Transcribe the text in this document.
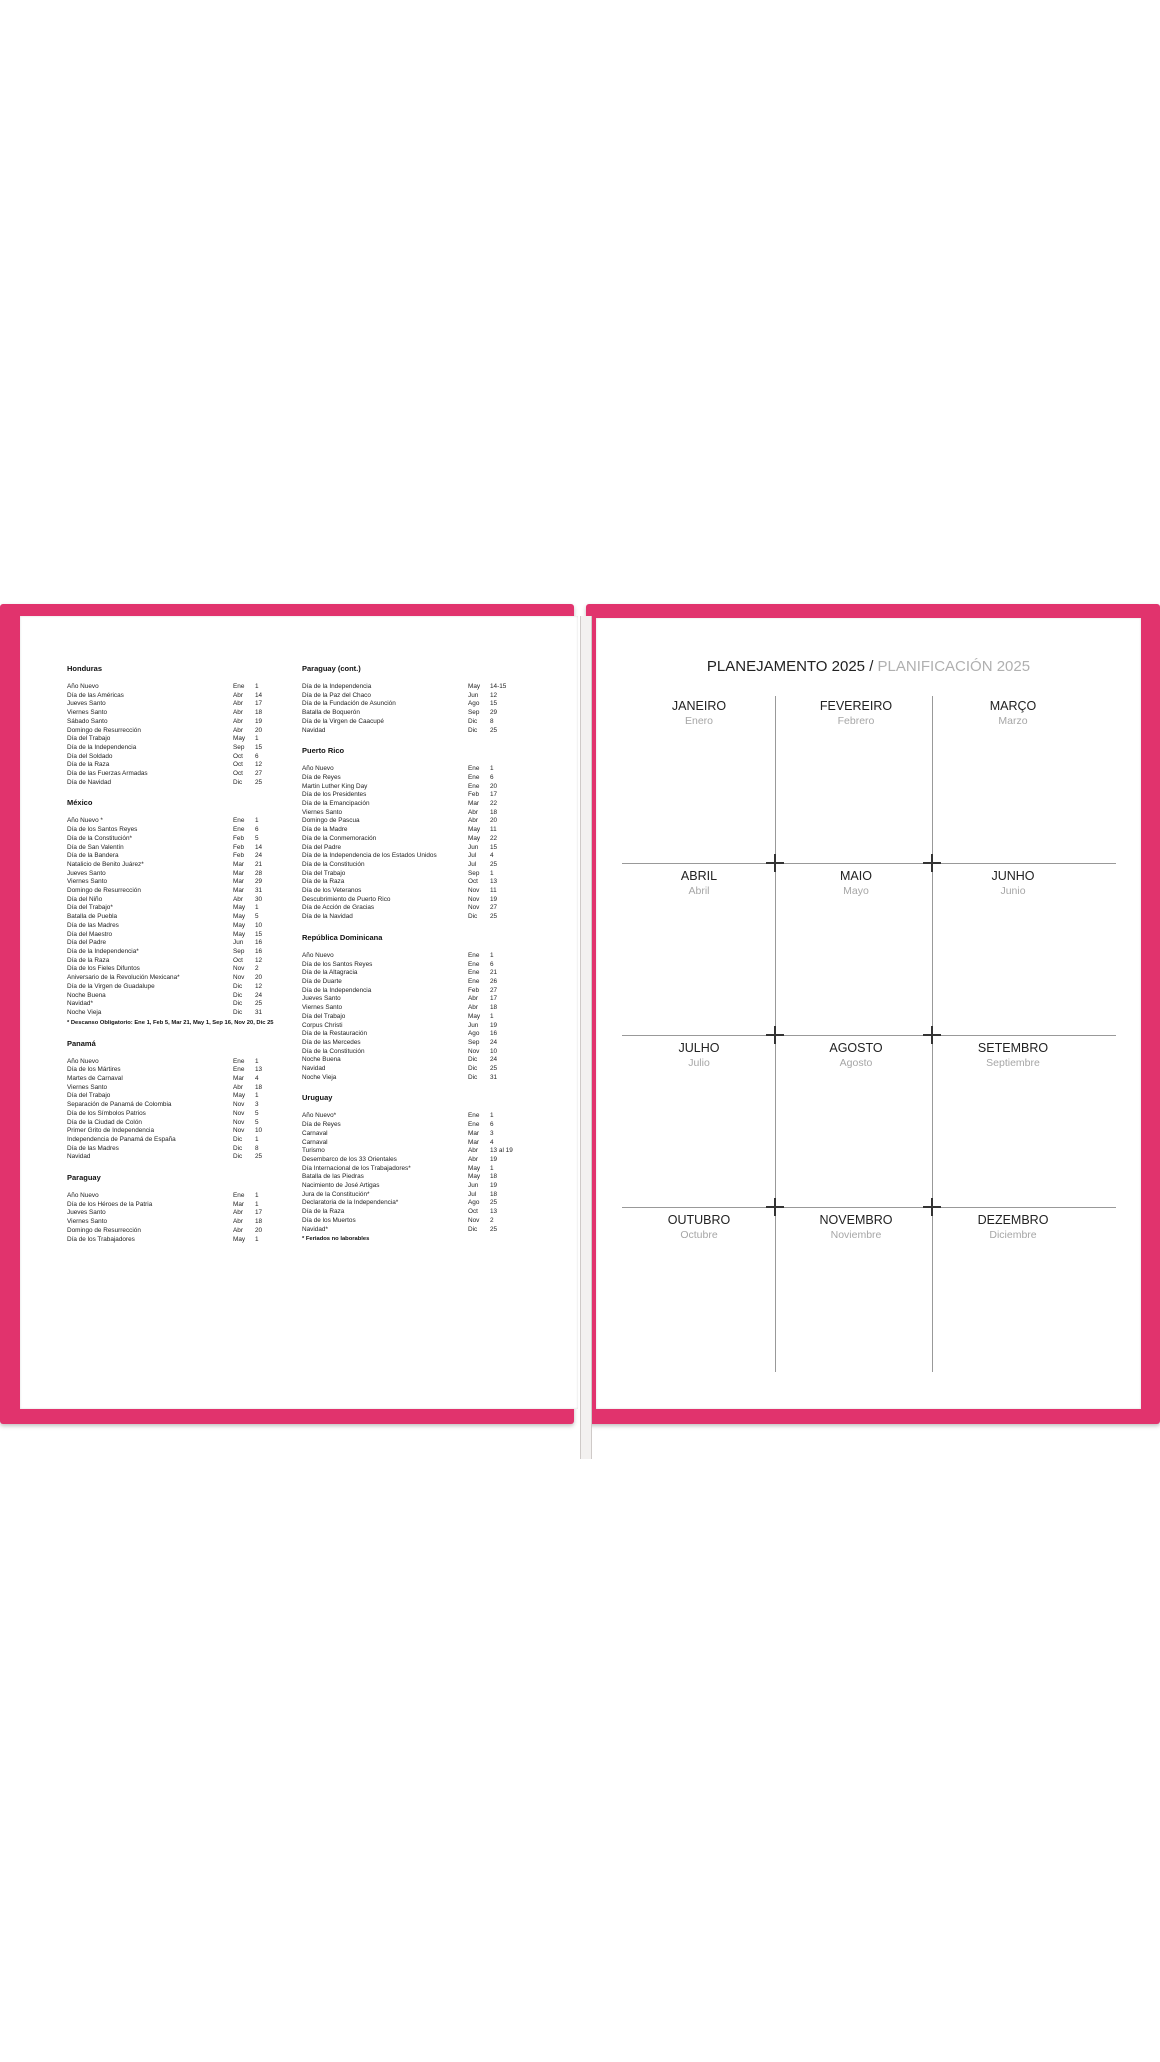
Honduras
Año Nuevo	Ene	1
Día de las Américas	Abr	14
Jueves Santo	Abr	17
Viernes Santo	Abr	18
Sábado Santo	Abr	19
Domingo de Resurrección	Abr	20
Día del Trabajo	May	1
Día de la Independencia	Sep	15
Día del Soldado	Oct	6
Día de la Raza	Oct	12
Día de las Fuerzas Armadas	Oct	27
Día de Navidad	Dic	25
México
Año Nuevo *	Ene	1
Día de los Santos Reyes	Ene	6
Día de la Constitución*	Feb	5
Día de San Valentín	Feb	14
Día de la Bandera	Feb	24
Natalicio de Benito Juárez*	Mar	21
Jueves Santo	Mar	28
Viernes Santo	Mar	29
Domingo de Resurrección	Mar	31
Día del Niño	Abr	30
Día del Trabajo*	May	1
Batalla de Puebla	May	5
Día de las Madres	May	10
Día del Maestro	May	15
Día del Padre	Jun	16
Día de la Independencia*	Sep	16
Día de la Raza	Oct	12
Día de los Fieles Difuntos	Nov	2
Aniversario de la Revolución Mexicana*	Nov	20
Día de la Virgen de Guadalupe	Dic	12
Noche Buena	Dic	24
Navidad*	Dic	25
Noche Vieja	Dic	31
* Descanso Obligatorio: Ene 1, Feb 5, Mar 21, May 1, Sep 16, Nov 20, Dic 25
Panamá
Año Nuevo	Ene	1
Día de los Mártires	Ene	13
Martes de Carnaval	Mar	4
Viernes Santo	Abr	18
Día del Trabajo	May	1
Separación de Panamá de Colombia	Nov	3
Día de los Símbolos Patrios	Nov	5
Día de la Ciudad de Colón	Nov	5
Primer Grito de Independencia	Nov	10
Independencia de Panamá de España	Dic	1
Día de las Madres	Dic	8
Navidad	Dic	25
Paraguay
Año Nuevo	Ene	1
Día de los Héroes de la Patria	Mar	1
Jueves Santo	Abr	17
Viernes Santo	Abr	18
Domingo de Resurrección	Abr	20
Día de los Trabajadores	May	1
Paraguay (cont.)
Día de la Independencia	May	14-15
Día de la Paz del Chaco	Jun	12
Día de la Fundación de Asunción	Ago	15
Batalla de Boquerón	Sep	29
Día de la Virgen de Caacupé	Dic	8
Navidad	Dic	25
Puerto Rico
Año Nuevo	Ene	1
Día de Reyes	Ene	6
Martin Luther King Day	Ene	20
Día de los Presidentes	Feb	17
Día de la Emancipación	Mar	22
Viernes Santo	Abr	18
Domingo de Pascua	Abr	20
Día de la Madre	May	11
Día de la Conmemoración	May	22
Día del Padre	Jun	15
Día de la Independencia de los Estados Unidos	Jul	4
Día de la Constitución	Jul	25
Día del Trabajo	Sep	1
Día de la Raza	Oct	13
Día de los Veteranos	Nov	11
Descubrimiento de Puerto Rico	Nov	19
Día de Acción de Gracias	Nov	27
Día de la Navidad	Dic	25
República Dominicana
Año Nuevo	Ene	1
Día de los Santos Reyes	Ene	6
Día de la Altagracia	Ene	21
Día de Duarte	Ene	26
Día de la Independencia	Feb	27
Jueves Santo	Abr	17
Viernes Santo	Abr	18
Día del Trabajo	May	1
Corpus Christi	Jun	19
Día de la Restauración	Ago	16
Día de las Mercedes	Sep	24
Día de la Constitución	Nov	10
Noche Buena	Dic	24
Navidad	Dic	25
Noche Vieja	Dic	31
Uruguay
Año Nuevo*	Ene	1
Día de Reyes	Ene	6
Carnaval	Mar	3
Carnaval	Mar	4
Turismo	Abr	13 al 19
Desembarco de los 33 Orientales	Abr	19
Día Internacional de los Trabajadores*	May	1
Batalla de las Piedras	May	18
Nacimiento de José Artigas	Jun	19
Jura de la Constitución*	Jul	18
Declaratoria de la Independencia*	Ago	25
Día de la Raza	Oct	13
Día de los Muertos	Nov	2
Navidad*	Dic	25
* Feriados no laborables
PLANEJAMENTO 2025 / PLANIFICACIÓN 2025
JANEIRO
Enero
FEVEREIRO
Febrero
MARÇO
Marzo
ABRIL
Abril
MAIO
Mayo
JUNHO
Junio
JULHO
Julio
AGOSTO
Agosto
SETEMBRO
Septiembre
OUTUBRO
Octubre
NOVEMBRO
Noviembre
DEZEMBRO
Diciembre
